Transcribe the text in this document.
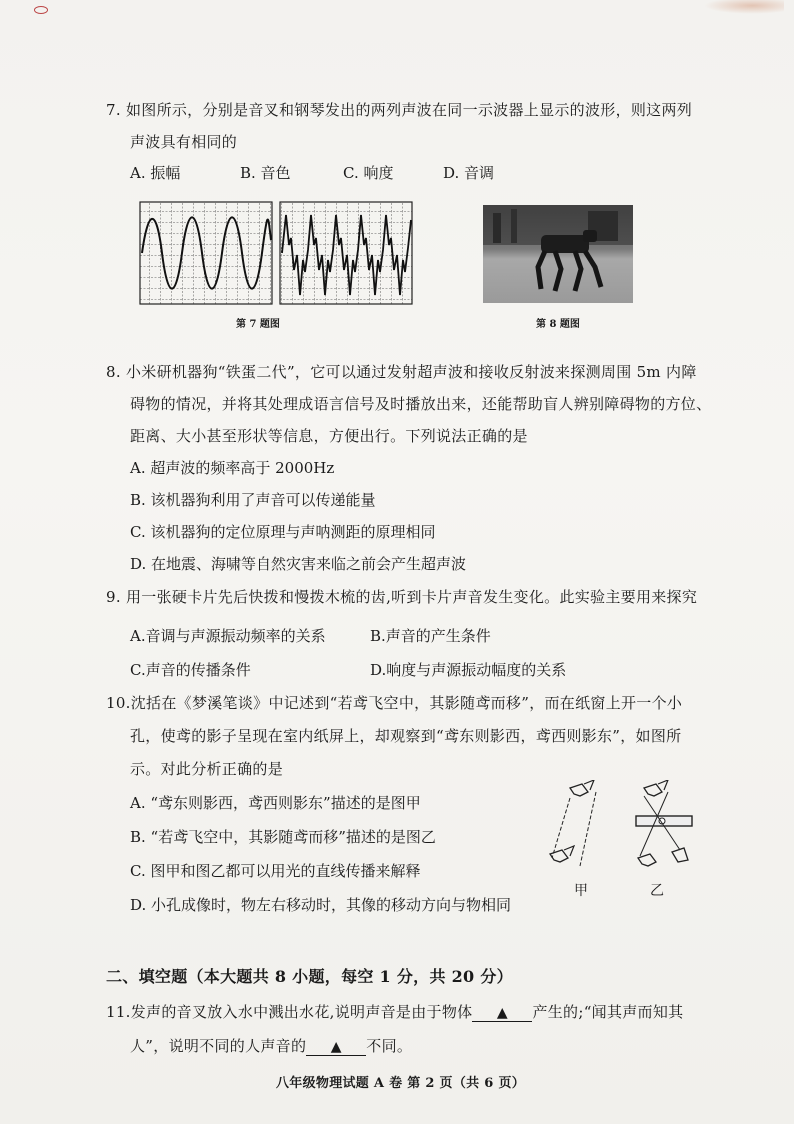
7. 如图所示，分别是音叉和钢琴发出的两列声波在同一示波器上显示的波形，则这两列
声波具有相同的
A. 振幅	B. 音色	C. 响度	D. 音调
第 7 题图	第 8 题图
8. 小米研机器狗“铁蛋二代”，它可以通过发射超声波和接收反射波来探测周围 5m 内障
碍物的情况，并将其处理成语言信号及时播放出来，还能帮助盲人辨别障碍物的方位、
距离、大小甚至形状等信息，方便出行。下列说法正确的是
A. 超声波的频率高于 2000Hz
B. 该机器狗利用了声音可以传递能量
C. 该机器狗的定位原理与声呐测距的原理相同
D. 在地震、海啸等自然灾害来临之前会产生超声波
9. 用一张硬卡片先后快拨和慢拨木梳的齿,听到卡片声音发生变化。此实验主要用来探究
A.音调与声源振动频率的关系	B.声音的产生条件
C.声音的传播条件	D.响度与声源振动幅度的关系
10.沈括在《梦溪笔谈》中记述到“若鸢飞空中，其影随鸢而移”，而在纸窗上开一个小
孔，使鸢的影子呈现在室内纸屏上，却观察到“鸢东则影西，鸢西则影东”，如图所
示。对此分析正确的是
A. “鸢东则影西，鸢西则影东”描述的是图甲
B. “若鸢飞空中，其影随鸢而移”描述的是图乙
C. 图甲和图乙都可以用光的直线传播来解释
D. 小孔成像时，物左右移动时，其像的移动方向与物相同
甲	乙
二、填空题（本大题共 8 小题，每空 1 分，共 20 分）
11.发声的音叉放入水中溅出水花,说明声音是由于物体 ▲ 产生的;“闻其声而知其
人”，说明不同的人声音的 ▲ 不同。
八年级物理试题 A 卷 第 2 页（共 6 页）
